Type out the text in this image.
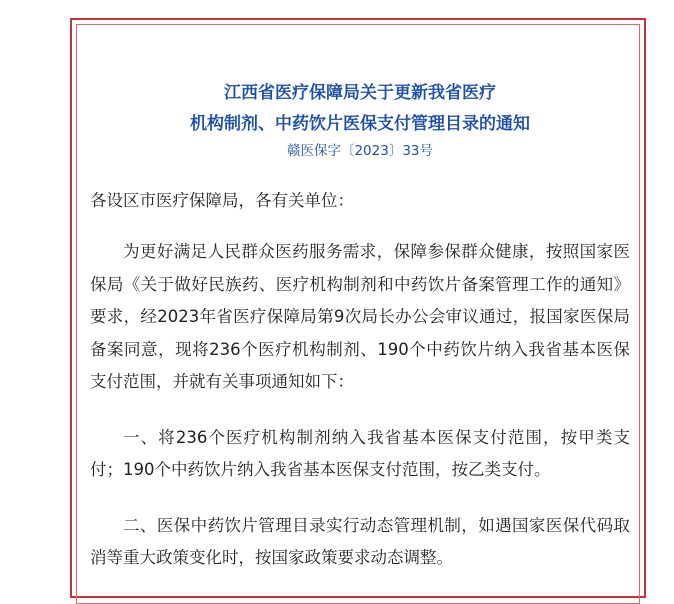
江西省医疗保障局关于更新我省医疗

机构制剂、中药饮片医保支付管理目录的通知

赣医保字〔2023〕33号

各设区市医疗保障局，各有关单位：

为更好满足人民群众医药服务需求，保障参保群众健康，按照国家医保局《关于做好民族药、医疗机构制剂和中药饮片备案管理工作的通知》要求，经2023年省医疗保障局第9次局长办公会审议通过，报国家医保局备案同意，现将236个医疗机构制剂、190个中药饮片纳入我省基本医保支付范围，并就有关事项通知如下：

一、将236个医疗机构制剂纳入我省基本医保支付范围，按甲类支付；190个中药饮片纳入我省基本医保支付范围，按乙类支付。

二、医保中药饮片管理目录实行动态管理机制，如遇国家医保代码取消等重大政策变化时，按国家政策要求动态调整。
